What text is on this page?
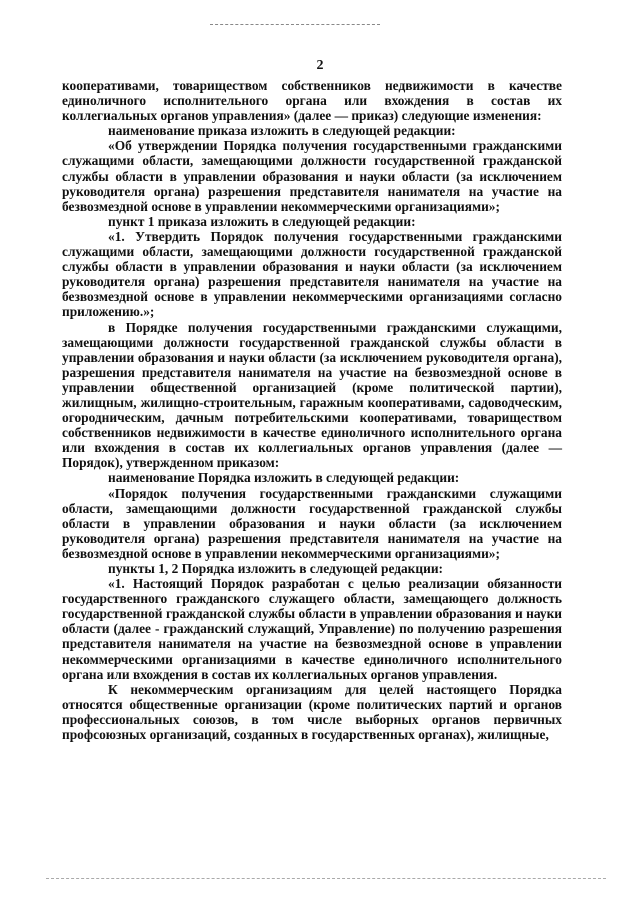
2

кооперативами, товариществом собственников недвижимости в качестве единоличного исполнительного органа или вхождения в состав их коллегиальных органов управления» (далее — приказ) следующие изменения:

наименование приказа изложить в следующей редакции:

«Об утверждении Порядка получения государственными гражданскими служащими области, замещающими должности государственной гражданской службы области в управлении образования и науки области (за исключением руководителя органа) разрешения представителя нанимателя на участие на безвозмездной основе в управлении некоммерческими организациями»;

пункт 1 приказа изложить в следующей редакции:

«1. Утвердить Порядок получения государственными гражданскими служащими области, замещающими должности государственной гражданской службы области в управлении образования и науки области (за исключением руководителя органа) разрешения представителя нанимателя на участие на безвозмездной основе в управлении некоммерческими организациями согласно приложению.»;

в Порядке получения государственными гражданскими служащими, замещающими должности государственной гражданской службы области в управлении образования и науки области (за исключением руководителя органа), разрешения представителя нанимателя на участие на безвозмездной основе в управлении общественной организацией (кроме политической партии), жилищным, жилищно-строительным, гаражным кооперативами, садоводческим, огородническим, дачным потребительскими кооперативами, товариществом собственников недвижимости в качестве единоличного исполнительного органа или вхождения в состав их коллегиальных органов управления (далее — Порядок), утвержденном приказом:

наименование Порядка изложить в следующей редакции:

«Порядок получения государственными гражданскими служащими области, замещающими должности государственной гражданской службы области в управлении образования и науки области (за исключением руководителя органа) разрешения представителя нанимателя на участие на безвозмездной основе в управлении некоммерческими организациями»;

пункты 1, 2 Порядка изложить в следующей редакции:

«1. Настоящий Порядок разработан с целью реализации обязанности государственного гражданского служащего области, замещающего должность государственной гражданской службы области в управлении образования и науки области (далее - гражданский служащий, Управление) по получению разрешения представителя нанимателя на участие на безвозмездной основе в управлении некоммерческими организациями в качестве единоличного исполнительного органа или вхождения в состав их коллегиальных органов управления.

К некоммерческим организациям для целей настоящего Порядка относятся общественные организации (кроме политических партий и органов профессиональных союзов, в том числе выборных органов первичных профсоюзных организаций, созданных в государственных органах), жилищные,
